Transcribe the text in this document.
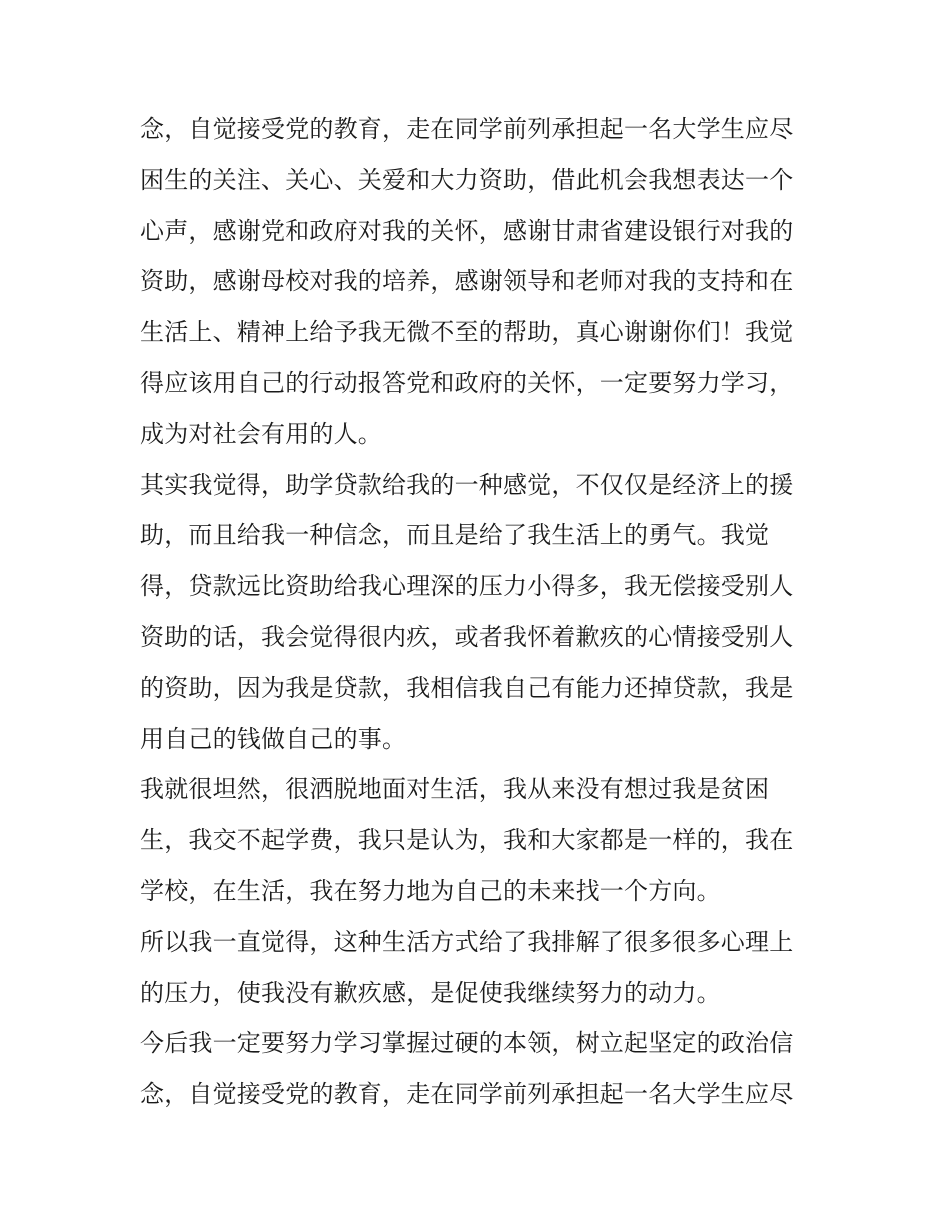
念，自觉接受党的教育，走在同学前列承担起一名大学生应尽
困生的关注、关心、关爱和大力资助，借此机会我想表达一个
心声，感谢党和政府对我的关怀，感谢甘肃省建设银行对我的
资助，感谢母校对我的培养，感谢领导和老师对我的支持和在
生活上、精神上给予我无微不至的帮助，真心谢谢你们！我觉
得应该用自己的行动报答党和政府的关怀，一定要努力学习，
成为对社会有用的人。
其实我觉得，助学贷款给我的一种感觉，不仅仅是经济上的援
助，而且给我一种信念，而且是给了我生活上的勇气。我觉
得，贷款远比资助给我心理深的压力小得多，我无偿接受别人
资助的话，我会觉得很内疚，或者我怀着歉疚的心情接受别人
的资助，因为我是贷款，我相信我自己有能力还掉贷款，我是
用自己的钱做自己的事。
我就很坦然，很洒脱地面对生活，我从来没有想过我是贫困
生，我交不起学费，我只是认为，我和大家都是一样的，我在
学校，在生活，我在努力地为自己的未来找一个方向。
所以我一直觉得，这种生活方式给了我排解了很多很多心理上
的压力，使我没有歉疚感，是促使我继续努力的动力。
今后我一定要努力学习掌握过硬的本领，树立起坚定的政治信
念，自觉接受党的教育，走在同学前列承担起一名大学生应尽
